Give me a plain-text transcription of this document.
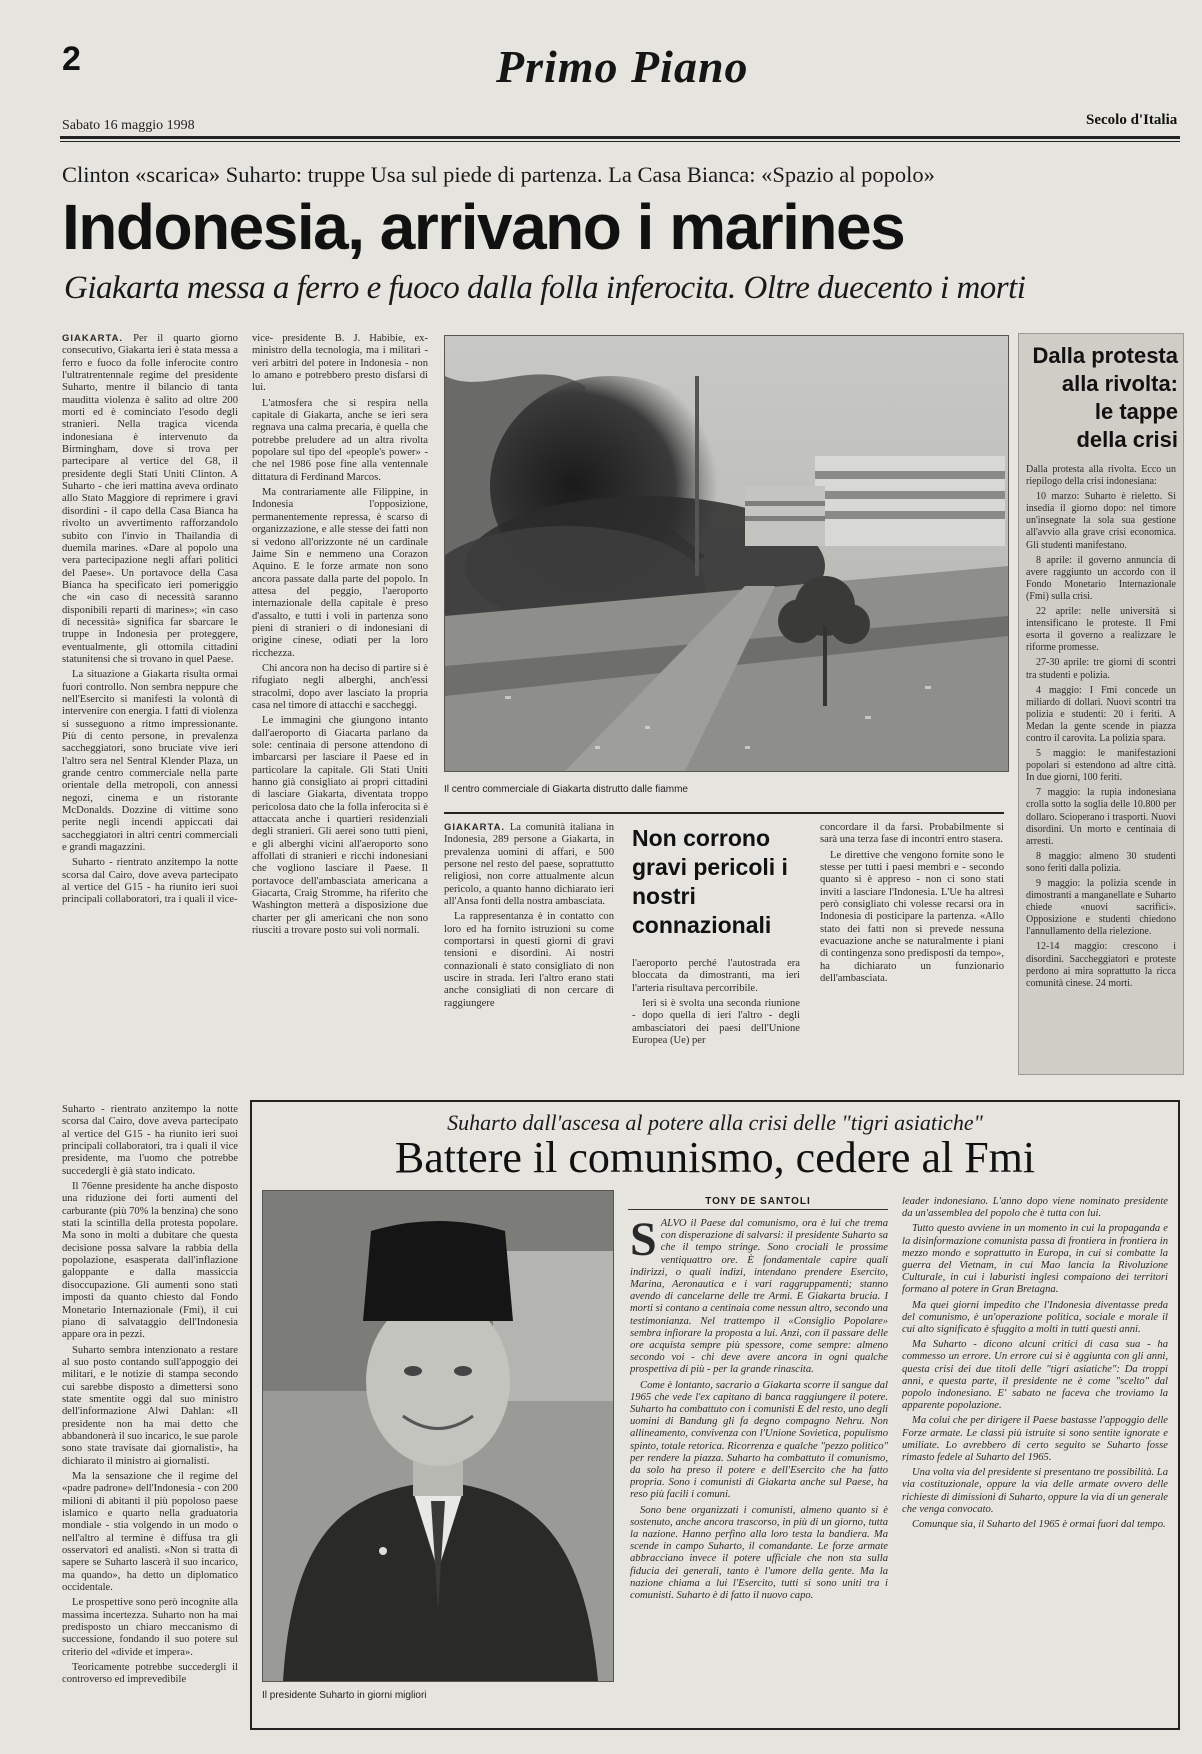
2	Primo Piano
Sabato 16 maggio 1998	Secolo d'Italia
Clinton «scarica» Suharto: truppe Usa sul piede di partenza. La Casa Bianca: «Spazio al popolo»
Indonesia, arrivano i marines
Giakarta messa a ferro e fuoco dalla folla inferocita. Oltre duecento i morti

GIAKARTA. Per il quarto giorno consecutivo, Giakarta ieri è stata messa a ferro e fuoco da folle inferocite contro l'ultratrentennale regime del presidente Suharto, mentre il bilancio di tanta mauditta violenza è salito ad oltre 200 morti ed è cominciato l'esodo degli stranieri. Nella tragica vicenda indonesiana è intervenuto da Birmingham, dove si trova per partecipare al vertice del G8, il presidente degli Stati Uniti Clinton. A Suharto - che ieri mattina aveva ordinato allo Stato Maggiore di reprimere i gravi disordini - il capo della Casa Bianca ha rivolto un avvertimento rafforzandolo subito con l'invio in Thailandia di duemila marines. «Dare al popolo una vera partecipazione negli affari politici del Paese». Un portavoce della Casa Bianca ha specificato ieri pomeriggio che «in caso di necessità saranno disponibili reparti di marines»; «in caso di necessità» significa far sbarcare le truppe in Indonesia per proteggere, eventualmente, gli ottomila cittadini statunitensi che si trovano in quel Paese.

La situazione a Giakarta risulta ormai fuori controllo. Non sembra neppure che nell'Esercito si manifesti la volontà di intervenire con energia. I fatti di violenza si susseguono a ritmo impressionante. Più di cento persone, in prevalenza saccheggiatori, sono bruciate vive ieri l'altro sera nel Sentral Klender Plaza, un grande centro commerciale nella parte orientale della metropoli, con annessi negozi, cinema e un ristorante McDonalds. Dozzine di vittime sono perite negli incendi appiccati dai saccheggiatori in altri centri commerciali e grandi magazzini.

Suharto - rientrato anzitempo la notte scorsa dal Cairo, dove aveva partecipato al vertice del G15 - ha riunito ieri suoi principali collaboratori, tra i quali il vice-

vice- presidente B. J. Habibie, ex-ministro della tecnologia, ma i militari - veri arbitri del potere in Indonesia - non lo amano e potrebbero presto disfarsi di lui.

L'atmosfera che si respira nella capitale di Giakarta, anche se ieri sera regnava una calma precaria, è quella che potrebbe preludere ad un altra rivolta popolare sul tipo del «people's power» - che nel 1986 pose fine alla ventennale dittatura di Ferdinand Marcos.

Ma contrariamente alle Filippine, in Indonesia l'opposizione, permanentemente repressa, è scarso di organizzazione, e alle stesse dei fatti non si vedono all'orizzonte né un cardinale Jaime Sin e nemmeno una Corazon Aquino. E le forze armate non sono ancora passate dalla parte del popolo. In attesa del peggio, l'aeroporto internazionale della capitale è preso d'assalto, e tutti i voli in partenza sono pieni di stranieri o di indonesiani di origine cinese, odiati per la loro ricchezza.

Chi ancora non ha deciso di partire si è rifugiato negli alberghi, anch'essi stracolmi, dopo aver lasciato la propria casa nel timore di attacchi e saccheggi.

Le immagini che giungono intanto dall'aeroporto di Giacarta parlano da sole: centinaia di persone attendono di imbarcarsi per lasciare il Paese ed in particolare la capitale. Gli Stati Uniti hanno già consigliato ai propri cittadini di lasciare Giakarta, diventata troppo pericolosa dato che la folla inferocita si è attaccata anche i quartieri residenziali degli stranieri. Gli aerei sono tutti pieni, e gli alberghi vicini all'aeroporto sono affollati di stranieri e ricchi indonesiani che vogliono lasciare il Paese. Il portavoce dell'ambasciata americana a Giacarta, Craig Stromme, ha riferito che Washington metterà a disposizione due charter per gli americani che non sono riusciti a trovare posto sui voli normali.

Il centro commerciale di Giakarta distrutto dalle fiamme
Dalla protesta
alla rivolta:
le tappe
della crisi

Dalla protesta alla rivolta. Ecco un riepilogo della crisi indonesiana:

10 marzo: Suharto è rieletto. Si insedia il giorno dopo: nel timore un'insegnate la sola sua gestione all'avvio alla grave crisi economica. Gli studenti manifestano.

8 aprile: il governo annuncia di avere raggiunto un accordo con il Fondo Monetario Internazionale (Fmi) sulla crisi.

22 aprile: nelle università si intensificano le proteste. Il Fmi esorta il governo a realizzare le riforme promesse.

27-30 aprile: tre giorni di scontri tra studenti e polizia.

4 maggio: I Fmi concede un miliardo di dollari. Nuovi scontri tra polizia e studenti: 20 i feriti. A Medan la gente scende in piazza contro il carovita. La polizia spara.

5 maggio: le manifestazioni popolari si estendono ad altre città. In due giorni, 100 feriti.

7 maggio: la rupia indonesiana crolla sotto la soglia delle 10.800 per dollaro. Scioperano i trasporti. Nuovi disordini. Un morto e centinaia di arresti.

8 maggio: almeno 30 studenti sono feriti dalla polizia.

9 maggio: la polizia scende in dimostranti a manganellate e Suharto chiede «nuovi sacrifici». Opposizione e studenti chiedono l'annullamento della rielezione.

12-14 maggio: crescono i disordini. Saccheggiatori e proteste perdono ai mira soprattutto la ricca comunità cinese. 24 morti.

GIAKARTA. La comunità italiana in Indonesia, 289 persone a Giakarta, in prevalenza uomini di affari, e 500 persone nel resto del paese, soprattutto religiosi, non corre attualmente alcun pericolo, a quanto hanno dichiarato ieri all'Ansa fonti della nostra ambasciata.

La rappresentanza è in contatto con loro ed ha fornito istruzioni su come comportarsi in questi giorni di gravi tensioni e disordini. Ai nostri connazionali è stato consigliato di non uscire in strada. Ieri l'altro erano stati anche consigliati di non cercare di raggiungere

Non corrono gravi pericoli i nostri connazionali

l'aeroporto perché l'autostrada era bloccata da dimostranti, ma ieri l'arteria risultava percorribile.

Ieri si è svolta una seconda riunione - dopo quella di ieri l'altro - degli ambasciatori dei paesi dell'Unione Europea (Ue) per

concordare il da farsi. Probabilmente si sarà una terza fase di incontri entro stasera.

Le direttive che vengono fornite sono le stesse per tutti i paesi membri e - secondo quanto si è appreso - non ci sono stati inviti a lasciare l'Indonesia. L'Ue ha altresì però consigliato chi volesse recarsi ora in Indonesia di posticipare la partenza. «Allo stato dei fatti non si prevede nessuna evacuazione anche se naturalmente i piani di contingenza sono predisposti da tempo», ha dichiarato un funzionario dell'ambasciata.

Suharto - rientrato anzitempo la notte scorsa dal Cairo, dove aveva partecipato al vertice del G15 - ha riunito ieri suoi principali collaboratori, tra i quali il vice presidente, ma l'uomo che potrebbe succedergli è già stato indicato.

Il 76enne presidente ha anche disposto una riduzione dei forti aumenti del carburante (più 70% la benzina) che sono stati la scintilla della protesta popolare. Ma sono in molti a dubitare che questa decisione possa salvare la rabbia della popolazione, esasperata dall'inflazione galoppante e dalla massiccia disoccupazione. Gli aumenti sono stati imposti da quanto chiesto dal Fondo Monetario Internazionale (Fmi), il cui piano di salvataggio dell'Indonesia appare ora in pezzi.

Suharto sembra intenzionato a restare al suo posto contando sull'appoggio dei militari, e le notizie di stampa secondo cui sarebbe disposto a dimettersi sono state smentite oggi dal suo ministro dell'informazione Alwi Dahlan: «Il presidente non ha mai detto che abbandonerà il suo incarico, le sue parole sono state travisate dai giornalisti», ha dichiarato il ministro ai giornalisti.

Ma la sensazione che il regime del «padre padrone» dell'Indonesia - con 200 milioni di abitanti il più popoloso paese islamico e quarto nella graduatoria mondiale - stia volgendo in un modo o nell'altro al termine è diffusa tra gli osservatori ed analisti. «Non si tratta di sapere se Suharto lascerà il suo incarico, ma quando», ha detto un diplomatico occidentale.

Le prospettive sono però incognite alla massima incertezza. Suharto non ha mai predisposto un chiaro meccanismo di successione, fondando il suo potere sul criterio del «divide et impera».

Teoricamente potrebbe succedergli il controverso ed imprevedibile

Suharto dall'ascesa al potere alla crisi delle "tigri asiatiche"
Battere il comunismo, cedere al Fmi
Il presidente Suharto in giorni migliori
TONY DE SANTOLI

SALVO il Paese dal comunismo, ora è lui che trema con disperazione di salvarsi: il presidente Suharto sa che il tempo stringe. Sono crociali le prossime ventiquattro ore. È fondamentale capire quali indirizzi, o quali indizi, intendano prendere Esercito, Marina, Aeronautica e i vari raggruppamenti; stanno avendo di cancelarne delle tre Armi. E Giakarta brucia. I morti si contano a centinaia come nessun altro, secondo una testimonianza. Nel trattempo il «Consiglio Popolare» sembra infiorare la proposta a lui. Anzi, con il passare delle ore acquista sempre più spessore, come sempre: almeno secondo voi - chi deve avere ancora in ogni qualche prospettiva di più - per la grande rinascita.

Come è lontanto, sacrario a Giakarta scorre il sangue dal 1965 che vede l'ex capitano di banca raggiungere il potere. Suharto ha combattuto con i comunisti E del resto, uno degli uomini di Bandung gli fa degno compagno Nehru. Non allineamento, convivenza con l'Unione Sovietica, populismo spinto, totale retorica. Ricorrenza e qualche "pezzo politico" per rendere la piazza. Suharto ha combattuto il comunismo, da solo ha preso il potere e dell'Esercito che ha fatto propria. Sono i comunisti di Giakarta anche sul Paese, ha reso più facili i comuni.

Sono bene organizzati i comunisti, almeno quanto si è sostenuto, anche ancora trascorso, in più di un giorno, tutta la nazione. Hanno perfino alla loro testa la bandiera. Ma scende in campo Suharto, il comandante. Le forze armate abbracciano invece il potere ufficiale che non sta sulla fiducia dei generali, tanto è l'umore della gente. Ma la nazione chiama a lui l'Esercito, tutti si sono uniti tra i comunisti. Suharto è di fatto il nuovo capo.

leader indonesiano. L'anno dopo viene nominato presidente da un'assemblea del popolo che è tutta con lui.

Tutto questo avviene in un momento in cui la propaganda e la disinformazione comunista passa di frontiera in frontiera in mezzo mondo e soprattutto in Europa, in cui si combatte la guerra del Vietnam, in cui Mao lancia la Rivoluzione Culturale, in cui i laburisti inglesi compaiono dei territori formano al potere in Gran Bretagna.

Ma quei giorni impedito che l'Indonesia diventasse preda del comunismo, è un'operazione politica, sociale e morale il cui alto significato è sfuggito a molti in tutti questi anni.

Ma Suharto - dicono alcuni critici di casa sua - ha commesso un errore. Un errore cui si è aggiunta con gli anni, questa crisi dei due titoli delle "tigri asiatiche": Da troppi anni, e questa parte, il presidente ne è come "scelto" dal popolo indonesiano. E' sabato ne faceva che troviamo la apparente popolazione.

Ma colui che per dirigere il Paese bastasse l'appoggio delle Forze armate. Le classi più istruite si sono sentite ignorate e umiliate. Lo avrebbero di certo seguito se Suharto fosse rimasto fedele al Suharto del 1965.

Una volta via del presidente si presentano tre possibilità. La via costituzionale, oppure la via delle armate ovvero delle richieste di dimissioni di Suharto, oppure la via di un generale che venga convocato.

Comunque sia, il Suharto del 1965 è ormai fuori dal tempo.
